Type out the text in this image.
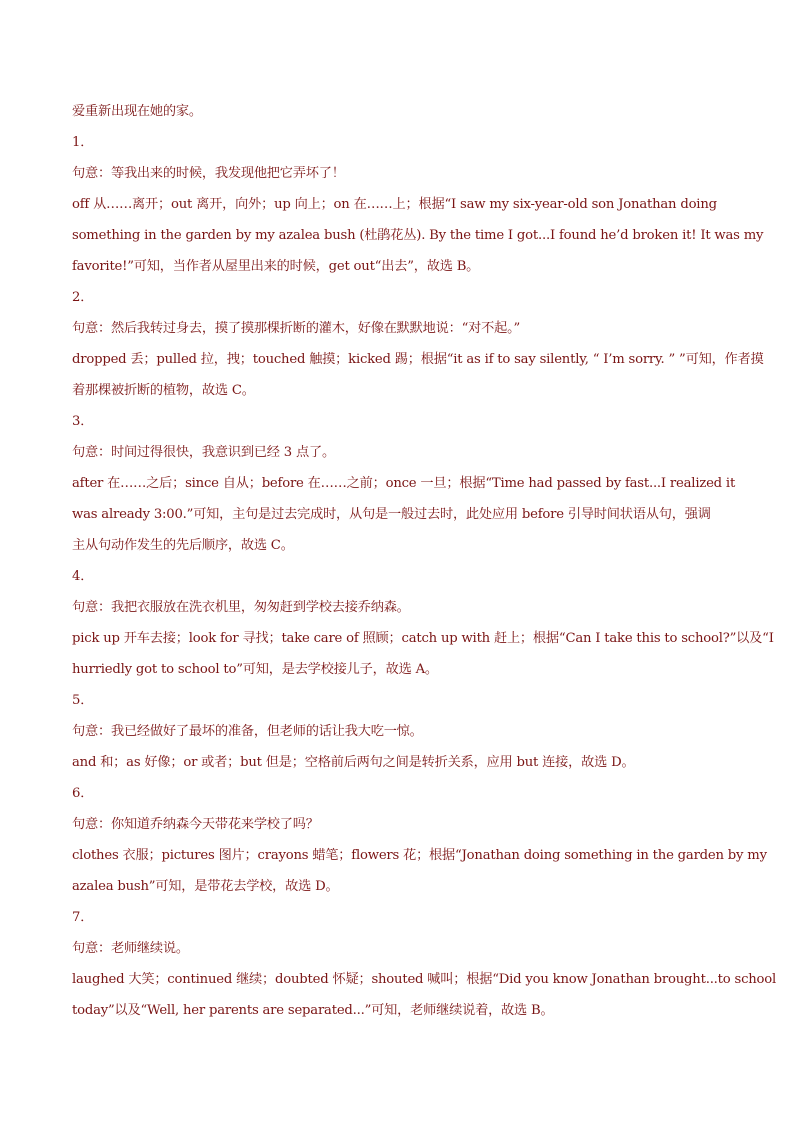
爱重新出现在她的家。
1．
句意：等我出来的时候，我发现他把它弄坏了！
off 从……离开；out 离开，向外；up 向上；on 在……上；根据“I saw my six-year-old son Jonathan doing
something in the garden by my azalea bush (杜鹃花丛). By the time I got...I found he’d broken it! It was my
favorite!”可知，当作者从屋里出来的时候，get out“出去”，故选 B。
2．
句意：然后我转过身去，摸了摸那棵折断的灌木，好像在默默地说：“对不起。”
dropped 丢；pulled 拉，拽；touched 触摸；kicked 踢；根据“it as if to say silently, “ I’m sorry. ” ”可知，作者摸
着那棵被折断的植物，故选 C。
3．
句意：时间过得很快，我意识到已经 3 点了。
after 在……之后；since 自从；before 在……之前；once 一旦；根据“Time had passed by fast...I realized it
was already 3:00.”可知，主句是过去完成时，从句是一般过去时，此处应用 before 引导时间状语从句，强调
主从句动作发生的先后顺序，故选 C。
4．
句意：我把衣服放在洗衣机里，匆匆赶到学校去接乔纳森。
pick up 开车去接；look for 寻找；take care of 照顾；catch up with 赶上；根据“Can I take this to school?”以及“I
hurriedly got to school to”可知，是去学校接儿子，故选 A。
5．
句意：我已经做好了最坏的准备，但老师的话让我大吃一惊。
and 和；as 好像；or 或者；but 但是；空格前后两句之间是转折关系，应用 but 连接，故选 D。
6．
句意：你知道乔纳森今天带花来学校了吗？
clothes 衣服；pictures 图片；crayons 蜡笔；flowers 花；根据“Jonathan doing something in the garden by my
azalea bush”可知，是带花去学校，故选 D。
7．
句意：老师继续说。
laughed 大笑；continued 继续；doubted 怀疑；shouted 喊叫；根据“Did you know Jonathan brought...to school
today”以及“Well, her parents are separated...”可知，老师继续说着，故选 B。
